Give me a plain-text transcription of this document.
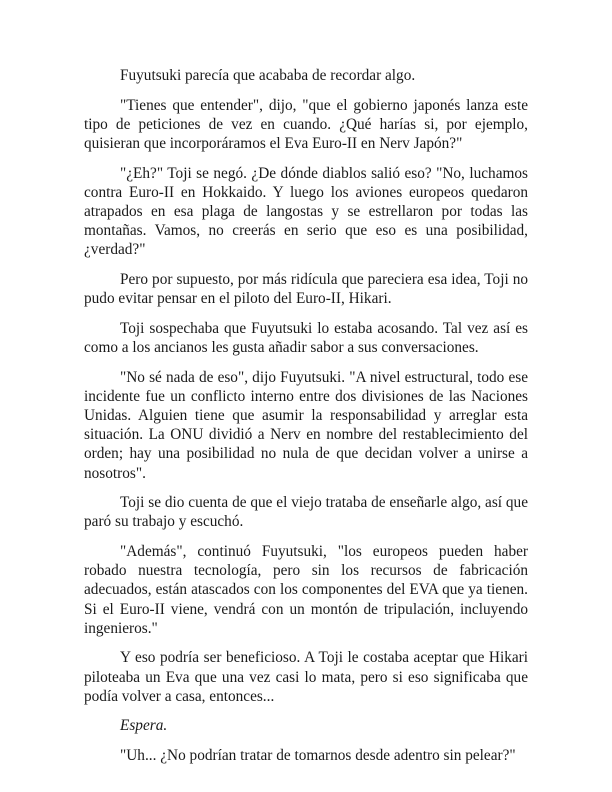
Fuyutsuki parecía que acababa de recordar algo.

"Tienes que entender", dijo, "que el gobierno japonés lanza este tipo de peticiones de vez en cuando. ¿Qué harías si, por ejemplo, quisieran que incorporáramos el Eva Euro-II en Nerv Japón?"

"¿Eh?" Toji se negó. ¿De dónde diablos salió eso? "No, luchamos contra Euro-II en Hokkaido. Y luego los aviones europeos quedaron atrapados en esa plaga de langostas y se estrellaron por todas las montañas. Vamos, no creerás en serio que eso es una posibilidad, ¿verdad?"

Pero por supuesto, por más ridícula que pareciera esa idea, Toji no pudo evitar pensar en el piloto del Euro-II, Hikari.

Toji sospechaba que Fuyutsuki lo estaba acosando. Tal vez así es como a los ancianos les gusta añadir sabor a sus conversaciones.

"No sé nada de eso", dijo Fuyutsuki. "A nivel estructural, todo ese incidente fue un conflicto interno entre dos divisiones de las Naciones Unidas. Alguien tiene que asumir la responsabilidad y arreglar esta situación. La ONU dividió a Nerv en nombre del restablecimiento del orden; hay una posibilidad no nula de que decidan volver a unirse a nosotros".

Toji se dio cuenta de que el viejo trataba de enseñarle algo, así que paró su trabajo y escuchó.

"Además", continuó Fuyutsuki, "los europeos pueden haber robado nuestra tecnología, pero sin los recursos de fabricación adecuados, están atascados con los componentes del EVA que ya tienen. Si el Euro-II viene, vendrá con un montón de tripulación, incluyendo ingenieros."

Y eso podría ser beneficioso. A Toji le costaba aceptar que Hikari piloteaba un Eva que una vez casi lo mata, pero si eso significaba que podía volver a casa, entonces...

Espera.

"Uh... ¿No podrían tratar de tomarnos desde adentro sin pelear?"
